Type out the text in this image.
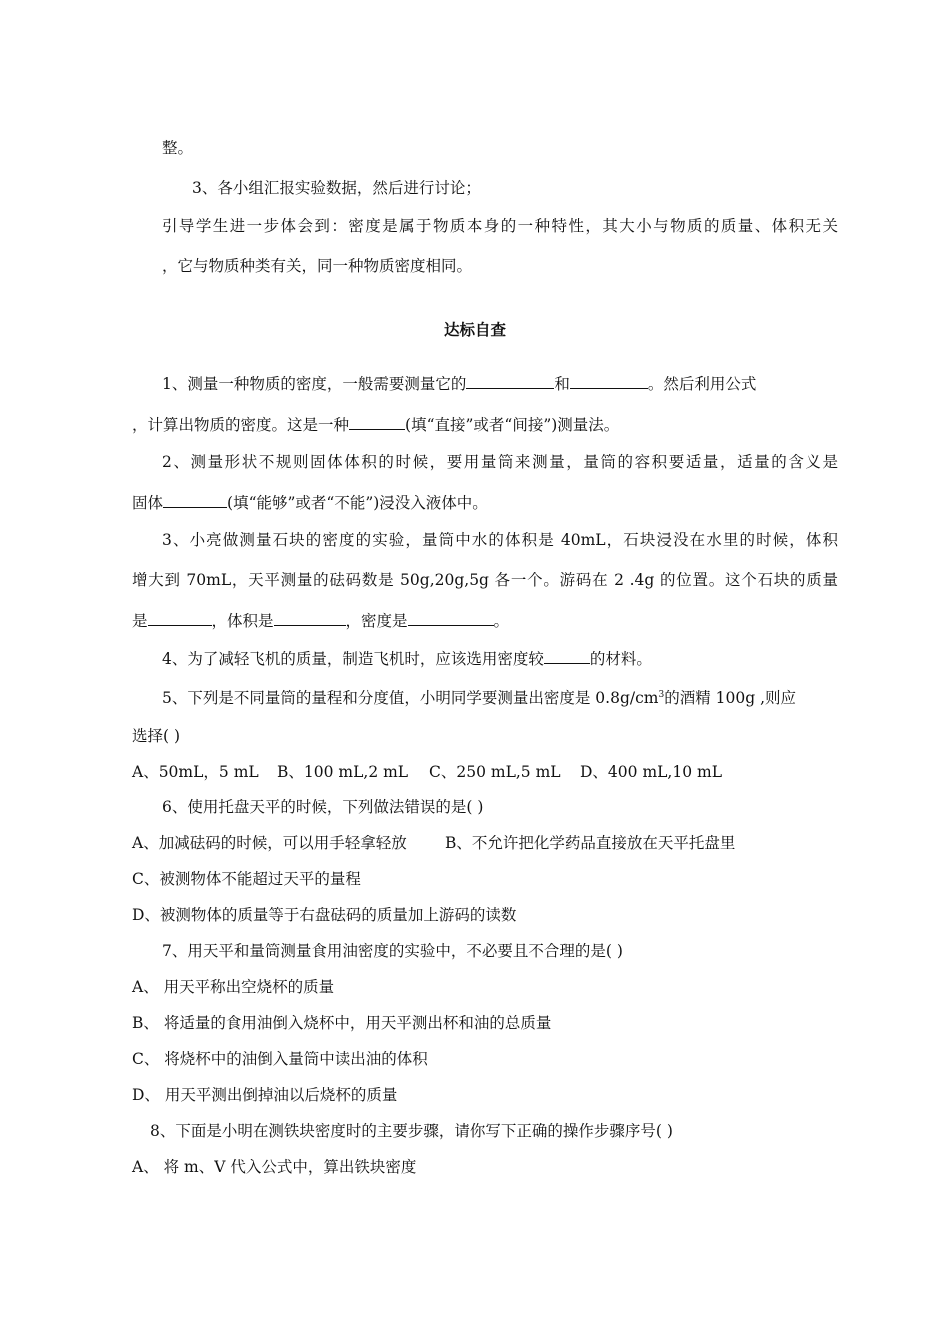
整。
3、各小组汇报实验数据，然后进行讨论；
引导学生进一步体会到：密度是属于物质本身的一种特性，其大小与物质的质量、体积无关
，它与物质种类有关，同一种物质密度相同。
达标自查
1、测量一种物质的密度，一般需要测量它的	和	。然后利用公式
，计算出物质的密度。这是一种	(填“直接”或者“间接”)测量法。
2、测量形状不规则固体体积的时候，要用量筒来测量，量筒的容积要适量，适量的含义是
固体	(填“能够”或者“不能”)浸没入液体中。
3、小亮做测量石块的密度的实验，量筒中水的体积是 40mL，石块浸没在水里的时候，体积
增大到 70mL，天平测量的砝码数是 50g,20g,5g 各一个。游码在 2 .4g 的位置。这个石块的质量
是	，体积是	，密度是	。
4、为了减轻飞机的质量，制造飞机时，应该选用密度较	的材料。
5、下列是不同量筒的量程和分度值，小明同学要测量出密度是 $0.8g/cm^3$的酒精 100g ,则应
选择( )
A、50mL，5 mL B、100 mL,2 mL C、250 mL,5 mL D、400 mL,10 mL
6、使用托盘天平的时候，下列做法错误的是( )
A、加减砝码的时候，可以用手轻拿轻放 B、不允许把化学药品直接放在天平托盘里
C、被测物体不能超过天平的量程
D、被测物体的质量等于右盘砝码的质量加上游码的读数
7、用天平和量筒测量食用油密度的实验中，不必要且不合理的是( )
A、 用天平称出空烧杯的质量
B、 将适量的食用油倒入烧杯中，用天平测出杯和油的总质量
C、 将烧杯中的油倒入量筒中读出油的体积
D、 用天平测出倒掉油以后烧杯的质量
8、下面是小明在测铁块密度时的主要步骤，请你写下正确的操作步骤序号( )
A、 将 m、V 代入公式中，算出铁块密度
